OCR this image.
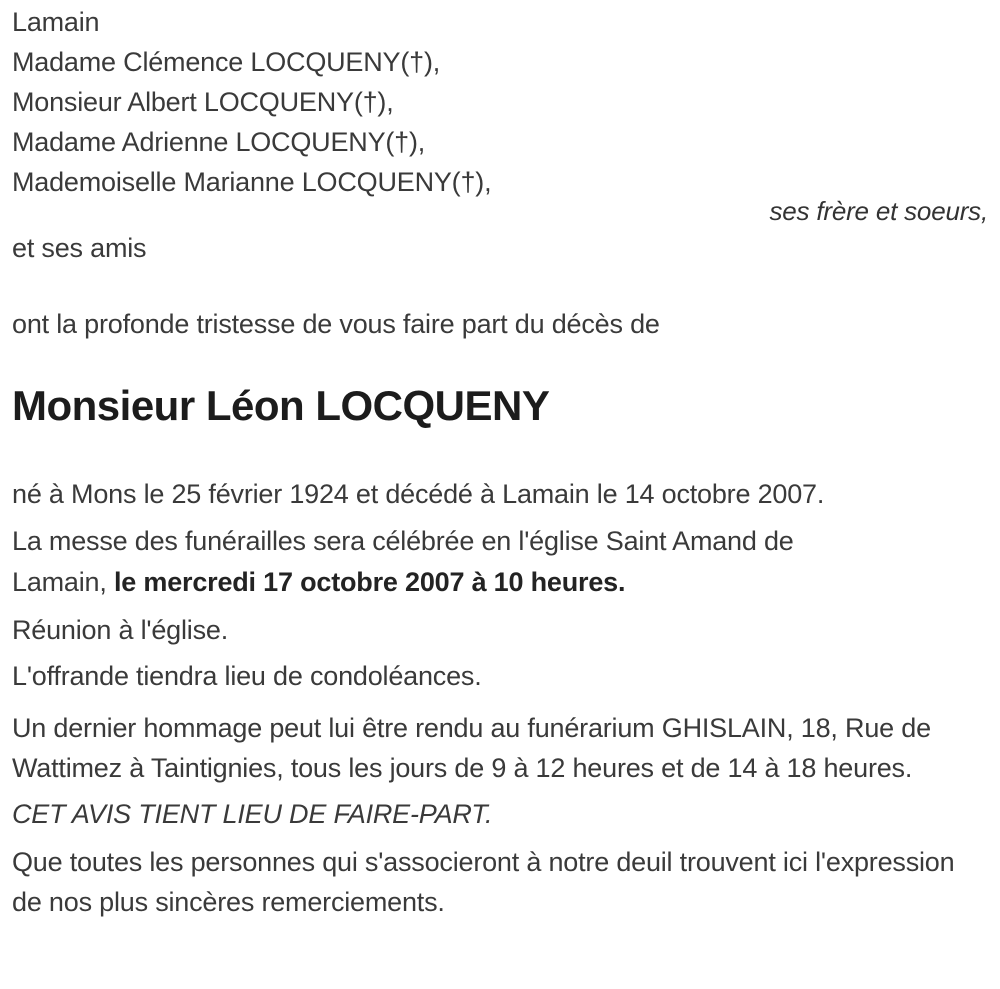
Lamain

Madame Clémence LOCQUENY(†),

Monsieur Albert LOCQUENY(†),

Madame Adrienne LOCQUENY(†),

Mademoiselle Marianne LOCQUENY(†),

ses frère et soeurs,

et ses amis

ont la profonde tristesse de vous faire part du décès de

Monsieur Léon LOCQUENY

né à Mons le 25 février 1924 et décédé à Lamain le 14 octobre 2007.

La messe des funérailles sera célébrée en l'église Saint Amand de
Lamain, le mercredi 17 octobre 2007 à 10 heures.

Réunion à l'église.

L'offrande tiendra lieu de condoléances.

Un dernier hommage peut lui être rendu au funérarium GHISLAIN, 18, Rue de Wattimez à Taintignies, tous les jours de 9 à 12 heures et de 14 à 18 heures.

CET AVIS TIENT LIEU DE FAIRE-PART.

Que toutes les personnes qui s'associeront à notre deuil trouvent ici l'expression de nos plus sincères remerciements.
